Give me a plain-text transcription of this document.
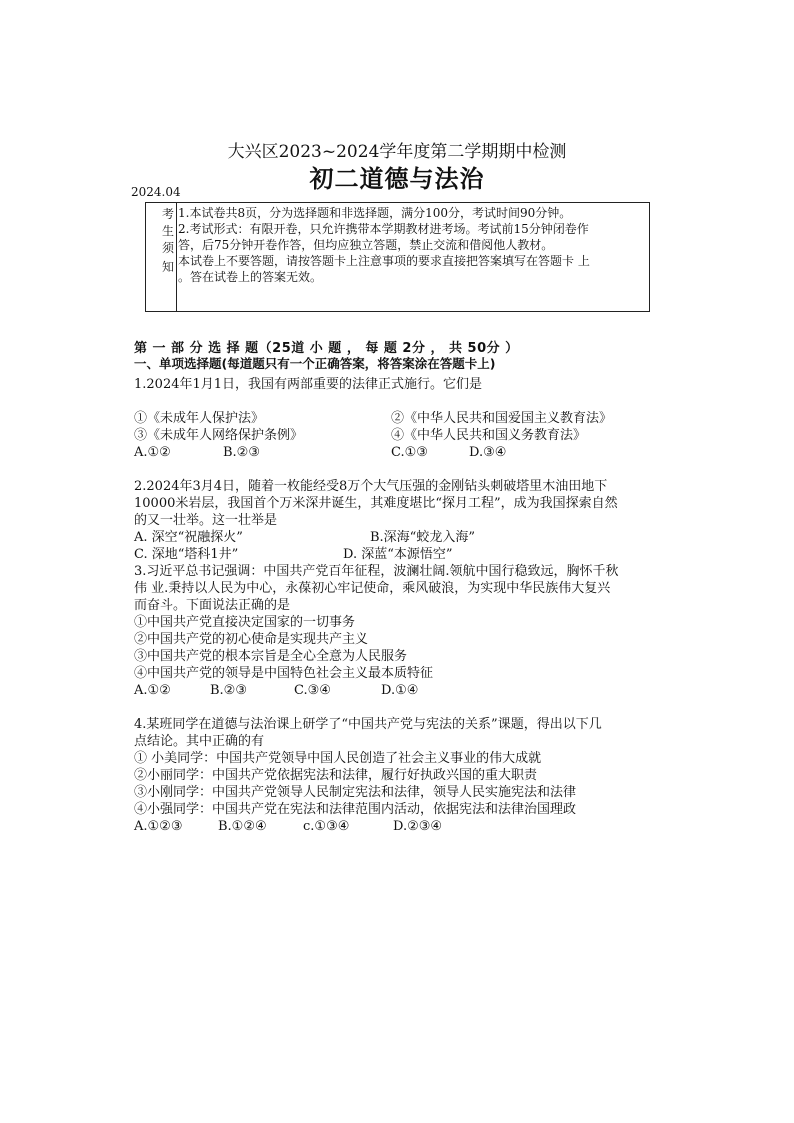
大兴区2023~2024学年度第二学期期中检测
初二道德与法治
2024.04
考
生
须
知
1.本试卷共8页，分为选择题和非选择题，满分100分，考试时间90分钟。
2.考试形式：有限开卷，只允许携带本学期教材进考场。考试前15分钟闭卷作
答，后75分钟开卷作答，但均应独立答题，禁止交流和借阅他人教材。
本试卷上不要答题，请按答题卡上注意事项的要求直接把答案填写在答题卡 上
。答在试卷上的答案无效。
第 一 部 分 选 择 题（25道 小 题 ， 每 题 2分 ， 共 50分 ）
一、单项选择题(每道题只有一个正确答案，将答案涂在答题卡上)
1.2024年1月1日，我国有两部重要的法律正式施行。它们是
①《未成年人保护法》	②《中华人民共和国爱国主义教育法》
③《未成年人网络保护条例》	④《中华人民共和国义务教育法》
A.①②	B.②③	C.①③	D.③④
2.2024年3月4日，随着一枚能经受8万个大气压强的金刚钻头刺破塔里木油田地下
10000米岩层，我国首个万米深井诞生，其难度堪比“探月工程”，成为我国探索自然
的又一壮举。这一壮举是
A. 深空“祝融探火”	B.深海“蛟龙入海”
C. 深地“塔科1井”	D. 深蓝“本源悟空”
3.习近平总书记强调：中国共产党百年征程，波澜壮阔.领航中国行稳致远，胸怀千秋
伟 业.秉持以人民为中心，永葆初心牢记使命，乘风破浪，为实现中华民族伟大复兴
而奋斗。下面说法正确的是
①中国共产党直接决定国家的一切事务
②中国共产党的初心使命是实现共产主义
③中国共产党的根本宗旨是全心全意为人民服务
④中国共产党的领导是中国特色社会主义最本质特征
A.①②	B.②③	C.③④	D.①④
4.某班同学在道德与法治课上研学了“中国共产党与宪法的关系”课题，得出以下几
点结论。其中正确的有
① 小美同学：中国共产党领导中国人民创造了社会主义事业的伟大成就
②小丽同学：中国共产党依据宪法和法律，履行好执政兴国的重大职责
③小刚同学：中国共产党领导人民制定宪法和法律，领导人民实施宪法和法律
④小强同学：中国共产党在宪法和法律范围内活动，依据宪法和法律治国理政
A.①②③	B.①②④	c.①③④	D.②③④
